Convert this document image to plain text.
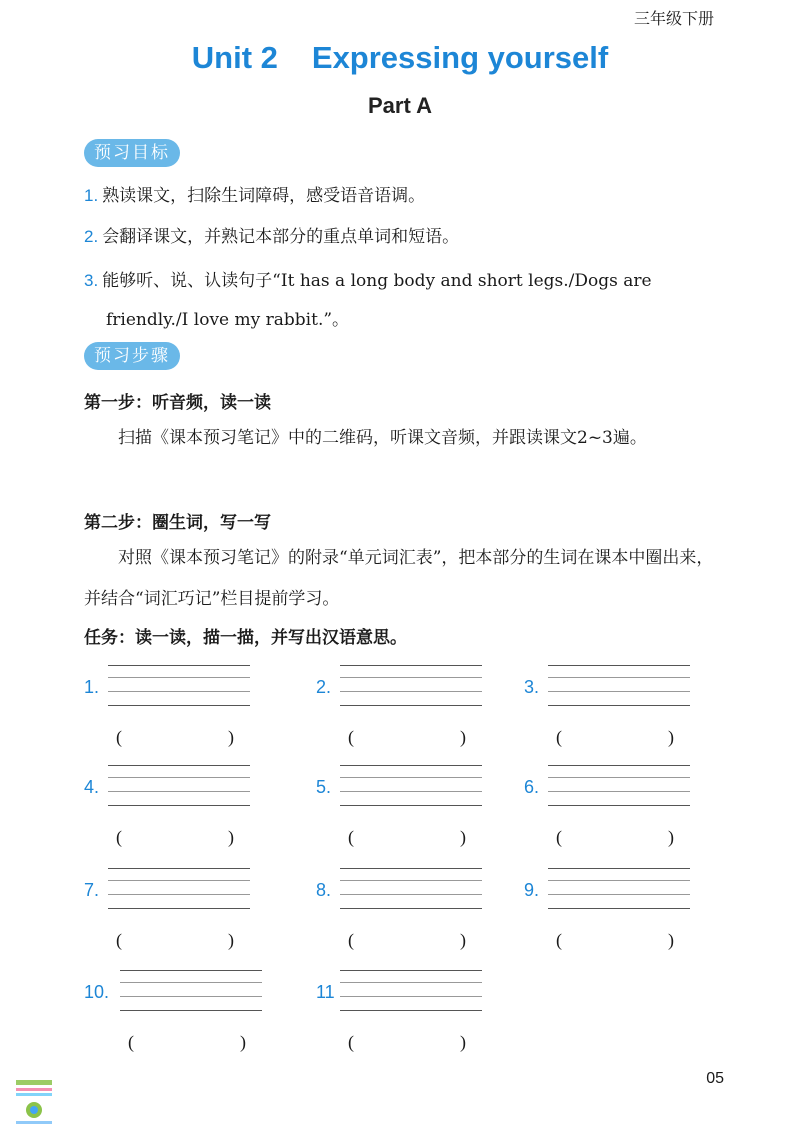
三年级下册
Unit 2 Expressing yourself
Part A
预习目标
1. 熟读课文，扫除生词障碍，感受语音语调。
2. 会翻译课文，并熟记本部分的重点单词和短语。
3. 能够听、说、认读句子“It has a long body and short legs./Dogs are
friendly./I love my rabbit.”。
预习步骤
第一步：听音频，读一读
扫描《课本预习笔记》中的二维码，听课文音频，并跟读课文2~3遍。
第二步：圈生词，写一写
对照《课本预习笔记》的附录“单元词汇表”，把本部分的生词在课本中圈出来，并结合“词汇巧记”栏目提前学习。
任务：读一读，描一描，并写出汉语意思。
1.
(	)
2.
(	)
3.
(	)
4.
(	)
5.
(	)
6.
(	)
7.
(	)
8.
(	)
9.
(	)
10.
(	)
11
(	)
05
